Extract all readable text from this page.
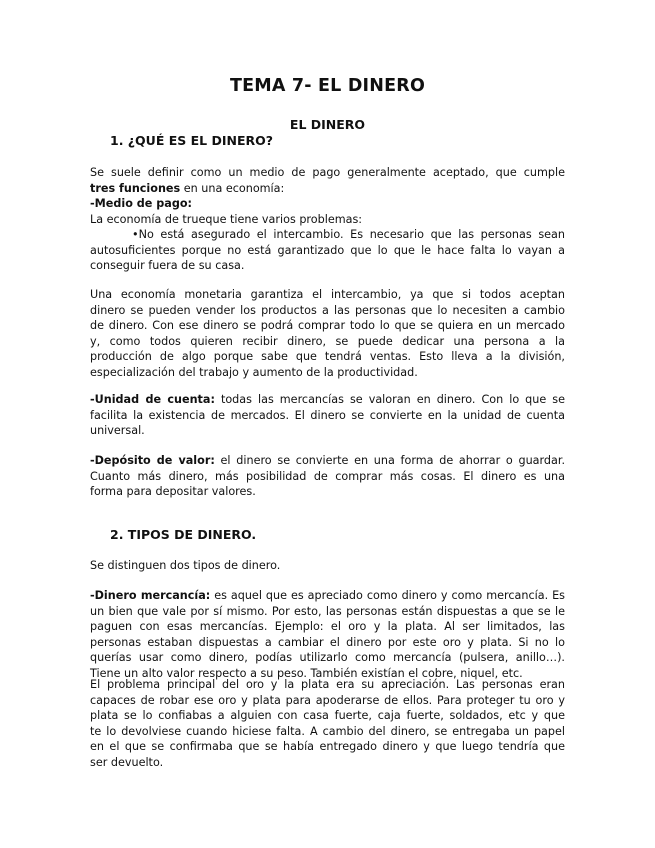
TEMA 7- EL DINERO
EL DINERO
1. ¿QUÉ ES EL DINERO?
Se suele definir como un medio de pago generalmente aceptado, que cumple
tres funciones en una economía:
-Medio de pago:
La economía de trueque tiene varios problemas:
•No está asegurado el intercambio. Es necesario que las personas sean
autosuficientes porque no está garantizado que lo que le hace falta lo vayan a
conseguir fuera de su casa.
Una economía monetaria garantiza el intercambio, ya que si todos aceptan
dinero se pueden vender los productos a las personas que lo necesiten a cambio
de dinero. Con ese dinero se podrá comprar todo lo que se quiera en un mercado
y, como todos quieren recibir dinero, se puede dedicar una persona a la
producción de algo porque sabe que tendrá ventas. Esto lleva a la división,
especialización del trabajo y aumento de la productividad.
-Unidad de cuenta: todas las mercancías se valoran en dinero. Con lo que se
facilita la existencia de mercados. El dinero se convierte en la unidad de cuenta
universal.
-Depósito de valor: el dinero se convierte en una forma de ahorrar o guardar.
Cuanto más dinero, más posibilidad de comprar más cosas. El dinero es una
forma para depositar valores.
2. TIPOS DE DINERO.
Se distinguen dos tipos de dinero.
-Dinero mercancía: es aquel que es apreciado como dinero y como mercancía. Es
un bien que vale por sí mismo. Por esto, las personas están dispuestas a que se le
paguen con esas mercancías. Ejemplo: el oro y la plata. Al ser limitados, las
personas estaban dispuestas a cambiar el dinero por este oro y plata. Si no lo
querías usar como dinero, podías utilizarlo como mercancía (pulsera, anillo…).
Tiene un alto valor respecto a su peso. También existían el cobre, niquel, etc.
El problema principal del oro y la plata era su apreciación. Las personas eran
capaces de robar ese oro y plata para apoderarse de ellos. Para proteger tu oro y
plata se lo confiabas a alguien con casa fuerte, caja fuerte, soldados, etc y que
te lo devolviese cuando hiciese falta. A cambio del dinero, se entregaba un papel
en el que se confirmaba que se había entregado dinero y que luego tendría que
ser devuelto.
